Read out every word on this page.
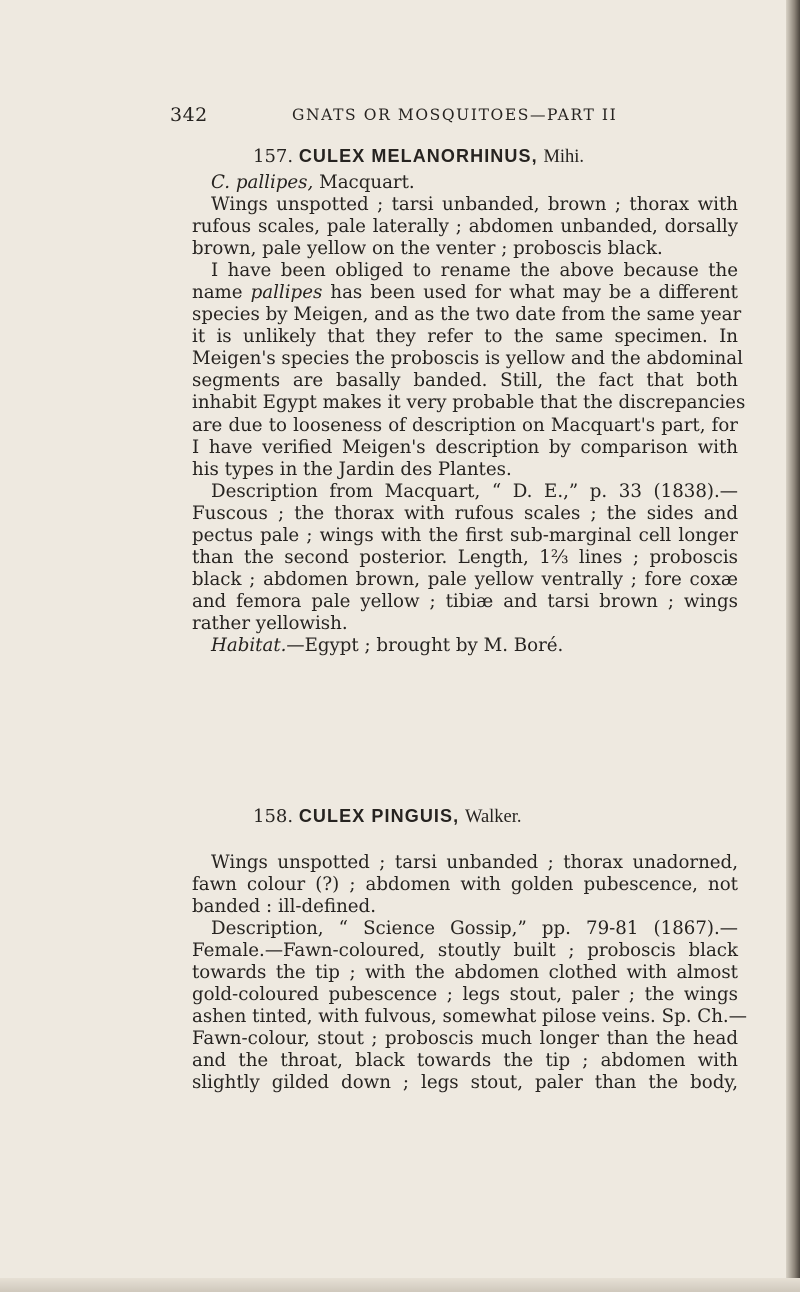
342	GNATS OR MOSQUITOES—PART II
157. CULEX MELANORHINUS, Mihi.
C. pallipes, Macquart.
Wings unspotted ; tarsi unbanded, brown ; thorax with
rufous scales, pale laterally ; abdomen unbanded, dorsally
brown, pale yellow on the venter ; proboscis black.
I have been obliged to rename the above because the
name pallipes has been used for what may be a different
species by Meigen, and as the two date from the same year
it is unlikely that they refer to the same specimen. In
Meigen's species the proboscis is yellow and the abdominal
segments are basally banded. Still, the fact that both
inhabit Egypt makes it very probable that the discrepancies
are due to looseness of description on Macquart's part, for
I have verified Meigen's description by comparison with
his types in the Jardin des Plantes.
Description from Macquart, “ D. E.,” p. 33 (1838).—
Fuscous ; the thorax with rufous scales ; the sides and
pectus pale ; wings with the first sub-marginal cell longer
than the second posterior. Length, 1⅔ lines ; proboscis
black ; abdomen brown, pale yellow ventrally ; fore coxæ
and femora pale yellow ; tibiæ and tarsi brown ; wings
rather yellowish.
Habitat.—Egypt ; brought by M. Boré.
158. CULEX PINGUIS, Walker.
Wings unspotted ; tarsi unbanded ; thorax unadorned,
fawn colour (?) ; abdomen with golden pubescence, not
banded : ill-defined.
Description, “ Science Gossip,” pp. 79-81 (1867).—
Female.—Fawn-coloured, stoutly built ; proboscis black
towards the tip ; with the abdomen clothed with almost
gold-coloured pubescence ; legs stout, paler ; the wings
ashen tinted, with fulvous, somewhat pilose veins. Sp. Ch.—
Fawn-colour, stout ; proboscis much longer than the head
and the throat, black towards the tip ; abdomen with
slightly gilded down ; legs stout, paler than the body,
